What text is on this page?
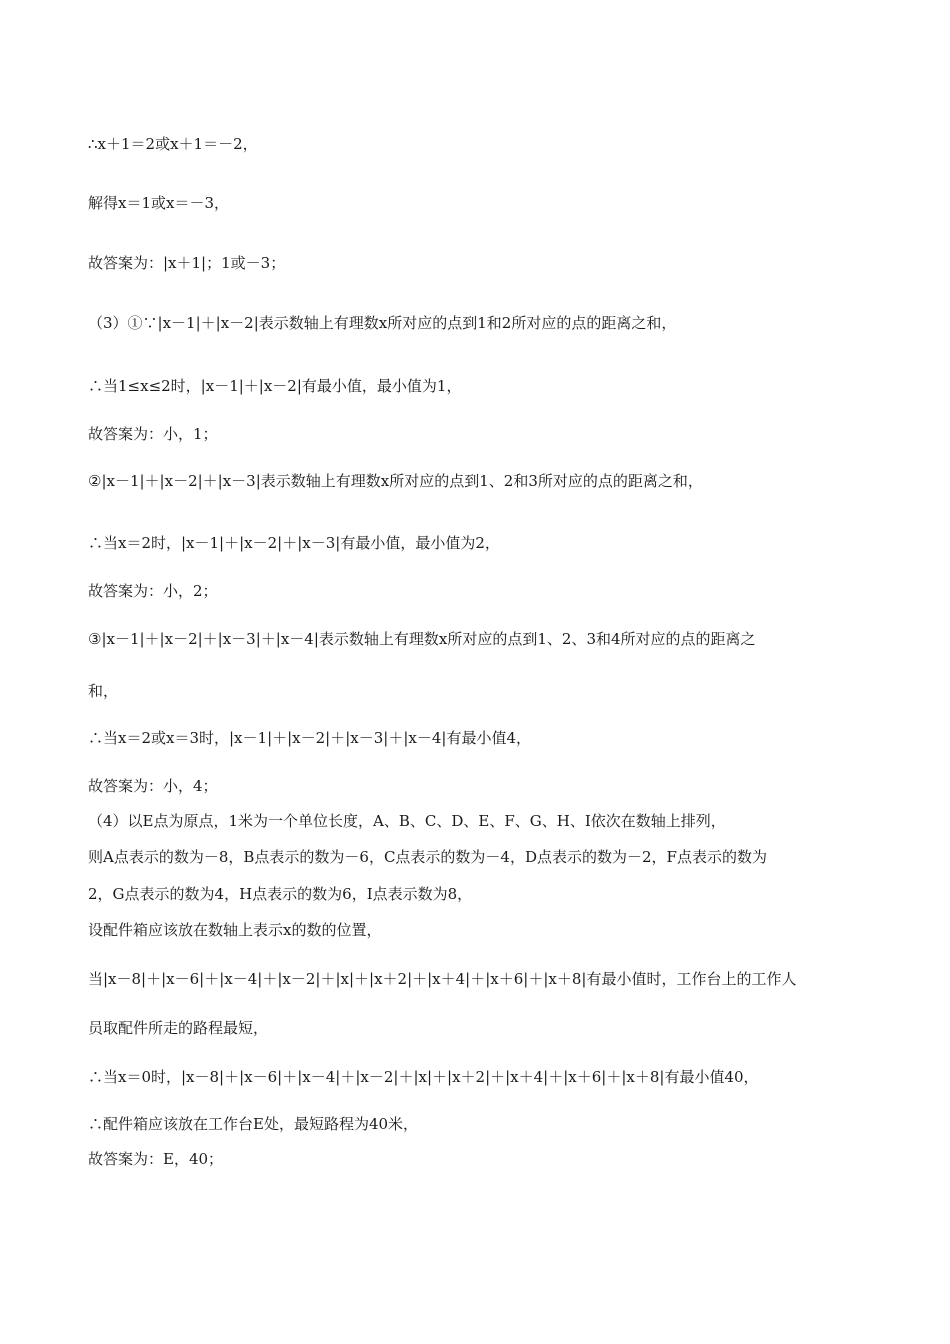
∴x＋1＝2或x＋1＝－2，
解得x＝1或x＝－3，
故答案为：|x＋1|；1或－3；
（3）①∵|x－1|＋|x－2|表示数轴上有理数x所对应的点到1和2所对应的点的距离之和，
∴当1≤x≤2时，|x－1|＋|x－2|有最小值，最小值为1，
故答案为：小，1；
②|x－1|＋|x－2|＋|x－3|表示数轴上有理数x所对应的点到1、2和3所对应的点的距离之和，
∴当x＝2时，|x－1|＋|x－2|＋|x－3|有最小值，最小值为2，
故答案为：小，2；
③|x－1|＋|x－2|＋|x－3|＋|x－4|表示数轴上有理数x所对应的点到1、2、3和4所对应的点的距离之
和，
∴当x＝2或x＝3时，|x－1|＋|x－2|＋|x－3|＋|x－4|有最小值4，
故答案为：小，4；
（4）以E点为原点，1米为一个单位长度，A、B、C、D、E、F、G、H、I依次在数轴上排列，
则A点表示的数为－8，B点表示的数为－6，C点表示的数为－4，D点表示的数为－2，F点表示的数为
2，G点表示的数为4，H点表示的数为6，I点表示数为8，
设配件箱应该放在数轴上表示x的数的位置，
当|x－8|＋|x－6|＋|x－4|＋|x－2|＋|x|＋|x＋2|＋|x＋4|＋|x＋6|＋|x＋8|有最小值时，工作台上的工作人
员取配件所走的路程最短，
∴当x＝0时，|x－8|＋|x－6|＋|x－4|＋|x－2|＋|x|＋|x＋2|＋|x＋4|＋|x＋6|＋|x＋8|有最小值40，
∴配件箱应该放在工作台E处，最短路程为40米，
故答案为：E，40；
